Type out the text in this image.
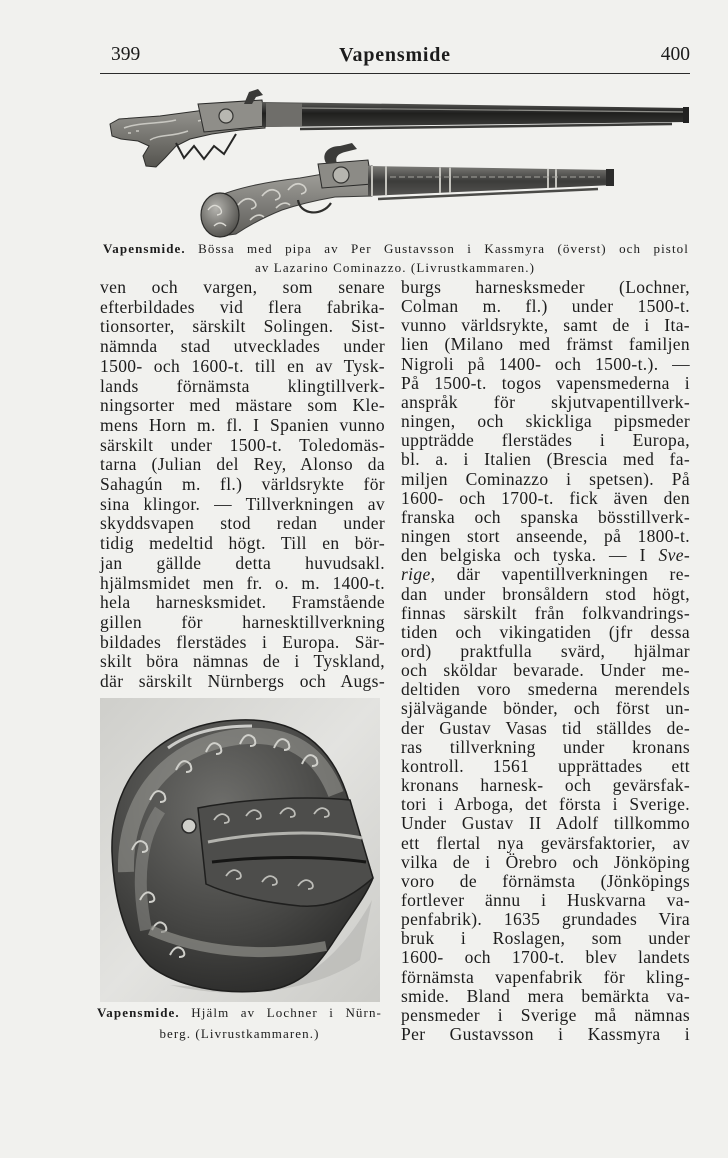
399	Vapensmide	400
Vapensmide. Bössa med pipa av Per Gustavsson i Kassmyra (överst) och pistol
av Lazarino Cominazzo. (Livrustkammaren.)
ven och vargen, som senare
efterbildades vid flera fabrika-
tionsorter, särskilt Solingen. Sist-
nämnda stad utvecklades under
1500- och 1600-t. till en av Tysk-
lands förnämsta klingtillverk-
ningsorter med mästare som Kle-
mens Horn m. fl. I Spanien vunno
särskilt under 1500-t. Toledomäs-
tarna (Julian del Rey, Alonso da
Sahagún m. fl.) världsrykte för
sina klingor. — Tillverkningen av
skyddsvapen stod redan under
tidig medeltid högt. Till en bör-
jan gällde detta huvudsakl.
hjälmsmidet men fr. o. m. 1400-t.
hela harnesksmidet. Framstående
gillen för harnesktillverkning
bildades flerstädes i Europa. Sär-
skilt böra nämnas de i Tyskland,
där särskilt Nürnbergs och Augs-
Vapensmide. Hjälm av Lochner i Nürn-
berg. (Livrustkammaren.)
burgs harnesksmeder (Lochner,
Colman m. fl.) under 1500-t.
vunno världsrykte, samt de i Ita-
lien (Milano med främst familjen
Nigroli på 1400- och 1500-t.). —
På 1500-t. togos vapensmederna i
anspråk för skjutvapentillverk-
ningen, och skickliga pipsmeder
uppträdde flerstädes i Europa,
bl. a. i Italien (Brescia med fa-
miljen Cominazzo i spetsen). På
1600- och 1700-t. fick även den
franska och spanska bösstillverk-
ningen stort anseende, på 1800-t.
den belgiska och tyska. — I Sve-
rige, där vapentillverkningen re-
dan under bronsåldern stod högt,
finnas särskilt från folkvandrings-
tiden och vikingatiden (jfr dessa
ord) praktfulla svärd, hjälmar
och sköldar bevarade. Under me-
deltiden voro smederna merendels
självägande bönder, och först un-
der Gustav Vasas tid ställdes de-
ras tillverkning under kronans
kontroll. 1561 upprättades ett
kronans harnesk- och gevärsfak-
tori i Arboga, det första i Sverige.
Under Gustav II Adolf tillkommo
ett flertal nya gevärsfaktorier, av
vilka de i Örebro och Jönköping
voro de förnämsta (Jönköpings
fortlever ännu i Huskvarna va-
penfabrik). 1635 grundades Vira
bruk i Roslagen, som under
1600- och 1700-t. blev landets
förnämsta vapenfabrik för kling-
smide. Bland mera bemärkta va-
pensmeder i Sverige må nämnas
Per Gustavsson i Kassmyra i
